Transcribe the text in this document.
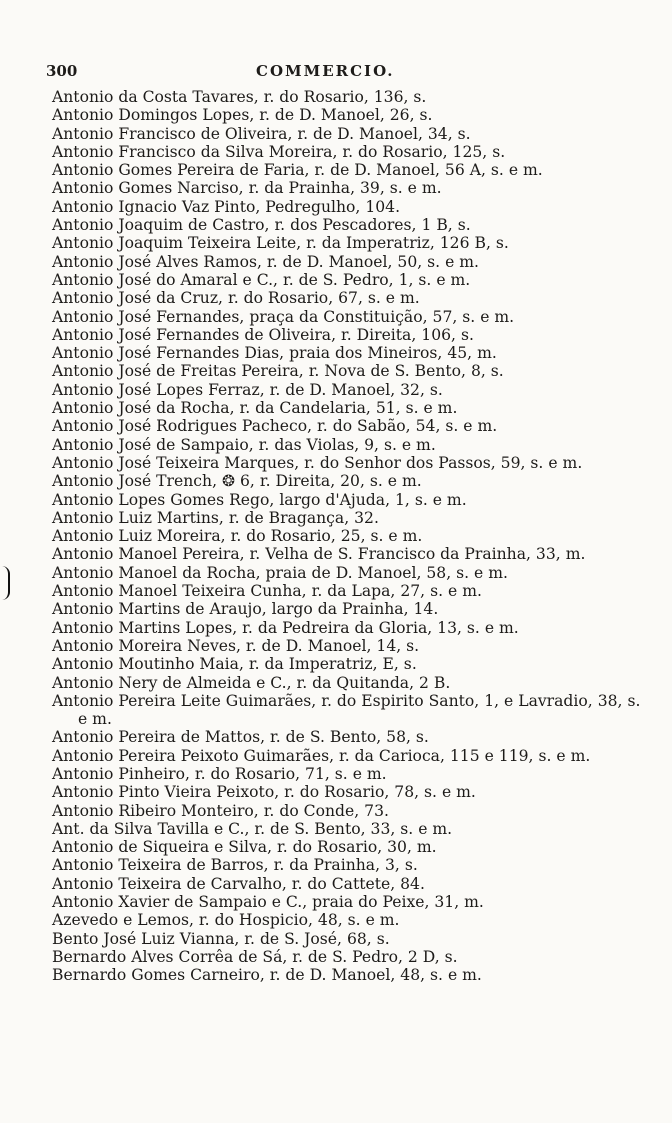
300	COMMERCIO.
Antonio da Costa Tavares, r. do Rosario, 136, s.
Antonio Domingos Lopes, r. de D. Manoel, 26, s.
Antonio Francisco de Oliveira, r. de D. Manoel, 34, s.
Antonio Francisco da Silva Moreira, r. do Rosario, 125, s.
Antonio Gomes Pereira de Faria, r. de D. Manoel, 56 A, s. e m.
Antonio Gomes Narciso, r. da Prainha, 39, s. e m.
Antonio Ignacio Vaz Pinto, Pedregulho, 104.
Antonio Joaquim de Castro, r. dos Pescadores, 1 B, s.
Antonio Joaquim Teixeira Leite, r. da Imperatriz, 126 B, s.
Antonio José Alves Ramos, r. de D. Manoel, 50, s. e m.
Antonio José do Amaral e C., r. de S. Pedro, 1, s. e m.
Antonio José da Cruz, r. do Rosario, 67, s. e m.
Antonio José Fernandes, praça da Constituição, 57, s. e m.
Antonio José Fernandes de Oliveira, r. Direita, 106, s.
Antonio José Fernandes Dias, praia dos Mineiros, 45, m.
Antonio José de Freitas Pereira, r. Nova de S. Bento, 8, s.
Antonio José Lopes Ferraz, r. de D. Manoel, 32, s.
Antonio José da Rocha, r. da Candelaria, 51, s. e m.
Antonio José Rodrigues Pacheco, r. do Sabão, 54, s. e m.
Antonio José de Sampaio, r. das Violas, 9, s. e m.
Antonio José Teixeira Marques, r. do Senhor dos Passos, 59, s. e m.
Antonio José Trench, ❂ 6, r. Direita, 20, s. e m.
Antonio Lopes Gomes Rego, largo d'Ajuda, 1, s. e m.
Antonio Luiz Martins, r. de Bragança, 32.
Antonio Luiz Moreira, r. do Rosario, 25, s. e m.
Antonio Manoel Pereira, r. Velha de S. Francisco da Prainha, 33, m.
Antonio Manoel da Rocha, praia de D. Manoel, 58, s. e m.
Antonio Manoel Teixeira Cunha, r. da Lapa, 27, s. e m.
Antonio Martins de Araujo, largo da Prainha, 14.
Antonio Martins Lopes, r. da Pedreira da Gloria, 13, s. e m.
Antonio Moreira Neves, r. de D. Manoel, 14, s.
Antonio Moutinho Maia, r. da Imperatriz, E, s.
Antonio Nery de Almeida e C., r. da Quitanda, 2 B.
Antonio Pereira Leite Guimarães, r. do Espirito Santo, 1, e Lavradio, 38, s. e m.
Antonio Pereira de Mattos, r. de S. Bento, 58, s.
Antonio Pereira Peixoto Guimarães, r. da Carioca, 115 e 119, s. e m.
Antonio Pinheiro, r. do Rosario, 71, s. e m.
Antonio Pinto Vieira Peixoto, r. do Rosario, 78, s. e m.
Antonio Ribeiro Monteiro, r. do Conde, 73.
Ant. da Silva Tavilla e C., r. de S. Bento, 33, s. e m.
Antonio de Siqueira e Silva, r. do Rosario, 30, m.
Antonio Teixeira de Barros, r. da Prainha, 3, s.
Antonio Teixeira de Carvalho, r. do Cattete, 84.
Antonio Xavier de Sampaio e C., praia do Peixe, 31, m.
Azevedo e Lemos, r. do Hospicio, 48, s. e m.
Bento José Luiz Vianna, r. de S. José, 68, s.
Bernardo Alves Corrêa de Sá, r. de S. Pedro, 2 D, s.
Bernardo Gomes Carneiro, r. de D. Manoel, 48, s. e m.
